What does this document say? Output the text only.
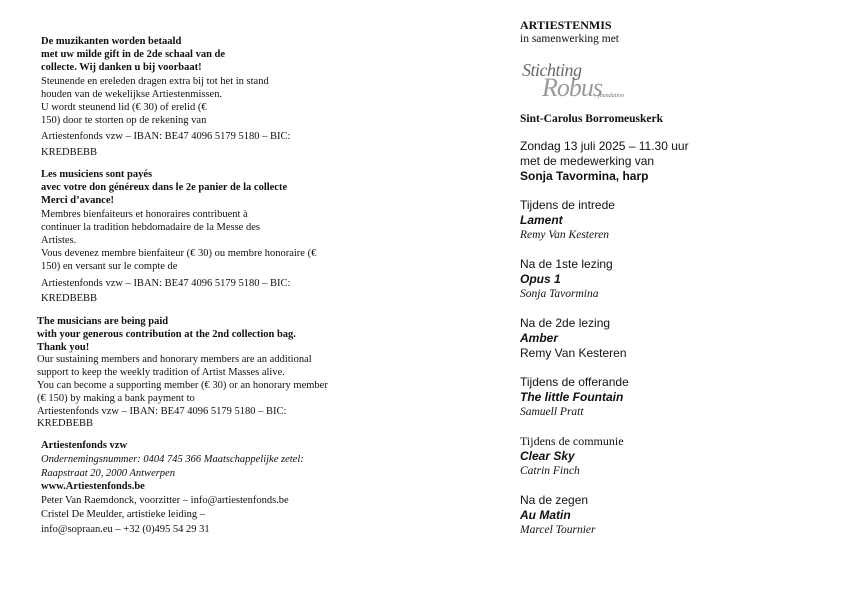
De muzikanten worden betaald
met uw milde gift in de 2de schaal van de
collecte. Wij danken u bij voorbaat!
Steunende en ereleden dragen extra bij tot het in stand
houden van de wekelijkse Artiestenmissen.
U wordt steunend lid (€ 30) of erelid (€
150) door te storten op de rekening van
Artiestenfonds vzw – IBAN: BE47 4096 5179 5180 – BIC:
KREDBEBB
Les musiciens sont payés
avec votre don généreux dans le 2e panier de la collecte
Merci d’avance!
Membres bienfaiteurs et honoraires contribuent à
continuer la tradition hebdomadaire de la Messe des
Artistes.
Vous devenez membre bienfaiteur (€ 30) ou membre honoraire (€
150) en versant sur le compte de
Artiestenfonds vzw – IBAN: BE47 4096 5179 5180 – BIC:
KREDBEBB
The musicians are being paid
with your generous contribution at the 2nd collection bag.
Thank you!
Our sustaining members and honorary members are an additional
support to keep the weekly tradition of Artist Masses alive.
You can become a supporting member (€ 30) or an honorary member
(€ 150) by making a bank payment to
Artiestenfonds vzw – IBAN: BE47 4096 5179 5180 – BIC:
KREDBEBB
Artiestenfonds vzw
Ondernemingsnummer: 0404 745 366 Maatschappelijke zetel:
Raapstraat 20, 2000 Antwerpen
www.Artiestenfonds.be
Peter Van Raemdonck, voorzitter – info@artiestenfonds.be
Cristel De Meulder, artistieke leiding –
info@sopraan.eu – +32 (0)495 54 29 31
ARTIESTENMIS
in samenwerking met
Robus
Stichting
foundation
Sint-Carolus Borromeuskerk
Zondag 13 juli 2025 – 11.30 uur
met de medewerking van
Sonja Tavormina, harp
Tijdens de intrede
Lament
Remy Van Kesteren
Na de 1ste lezing
Opus 1
Sonja Tavormina
Na de 2de lezing
Amber
Remy Van Kesteren
Tijdens de offerande
The little Fountain
Samuell Pratt
Tijdens de communie
Clear Sky
Catrin Finch
Na de zegen
Au Matin
Marcel Tournier
